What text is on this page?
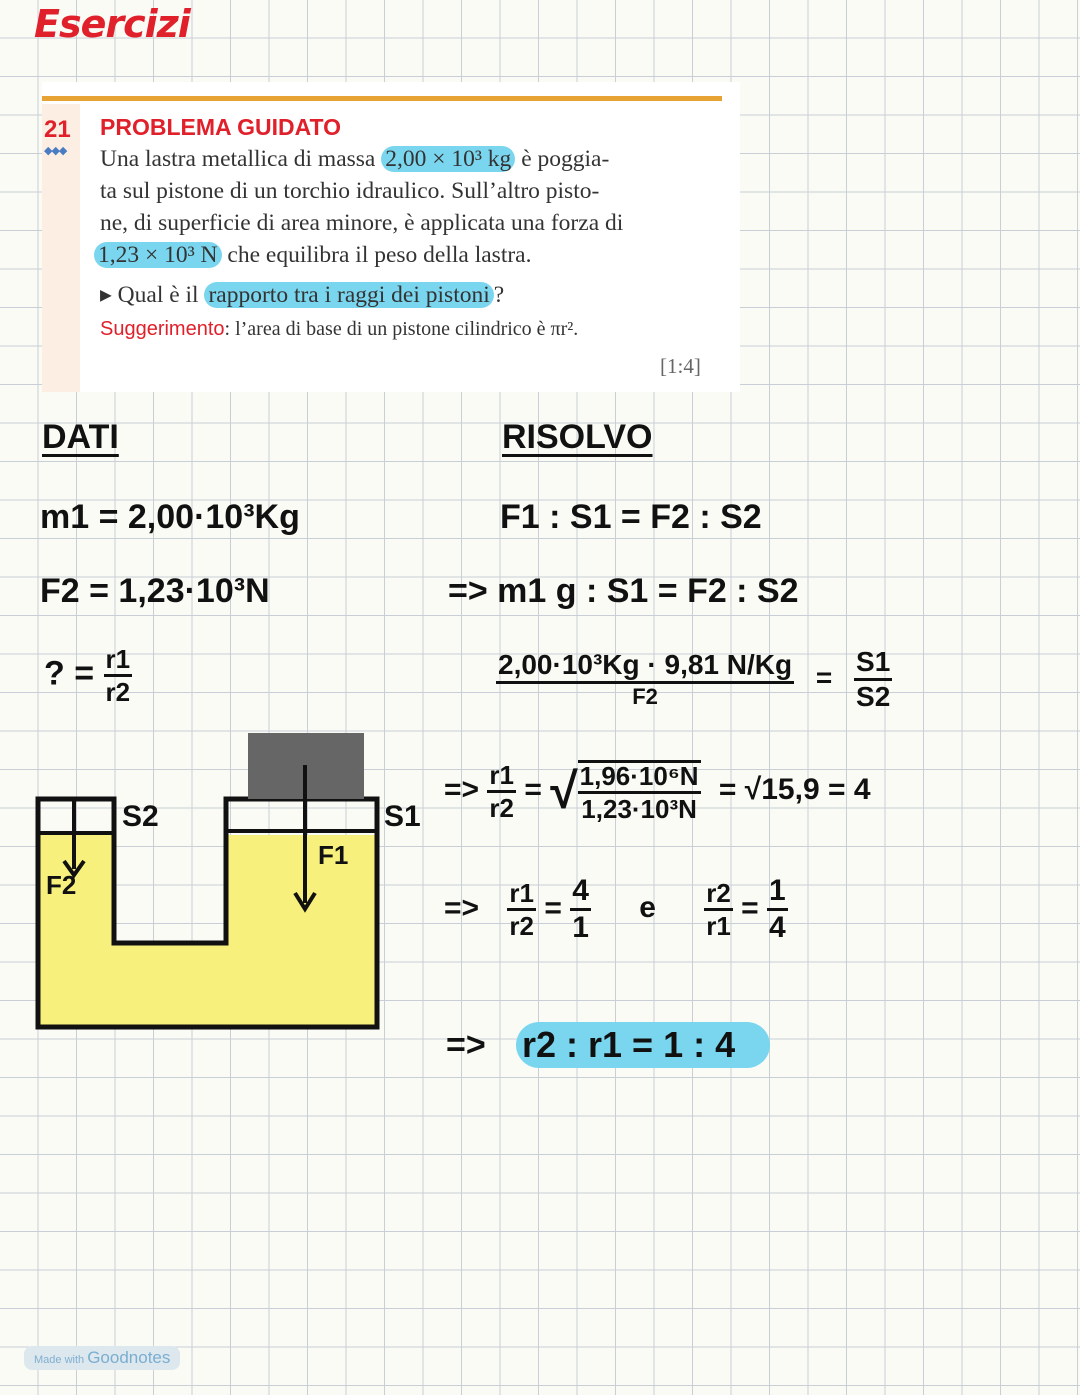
Esercizi
21
◆◆◆
PROBLEMA GUIDATO
Una lastra metallica di massa 2,00 × 10³ kg è poggia-
ta sul pistone di un torchio idraulico. Sull’altro pisto-
ne, di superficie di area minore, è applicata una forza di
1,23 × 10³ N che equilibra il peso della lastra.
▸ Qual è il rapporto tra i raggi dei pistoni ?
Suggerimento: l’area di base di un pistone cilindrico è πr².
[1:4]
DATI
m1 = 2,00·10³Kg
F2 = 1,23·10³N
? = $\frac{r1}{r2}$
S2	S1
F1
F2
RISOLVO
F1 : S1 = F2 : S2
=> m1 g : S1 = F2 : S2
$\frac{\text{2,00·10³Kg · 9,81 N/Kg}}{F2} = \frac{S1}{S2}$
=> $\frac{r1}{r2}$ = √ $\frac{\text{1,96·10⁶N}}{\text{1,23·10³N}} = √15,9 = 4$
=> $\frac{r1}{r2} = \frac{4}{1}$ e $\frac{r2}{r1} = \frac{1}{4}$
=> r2 : r1 = 1 : 4
Made with Goodnotes
